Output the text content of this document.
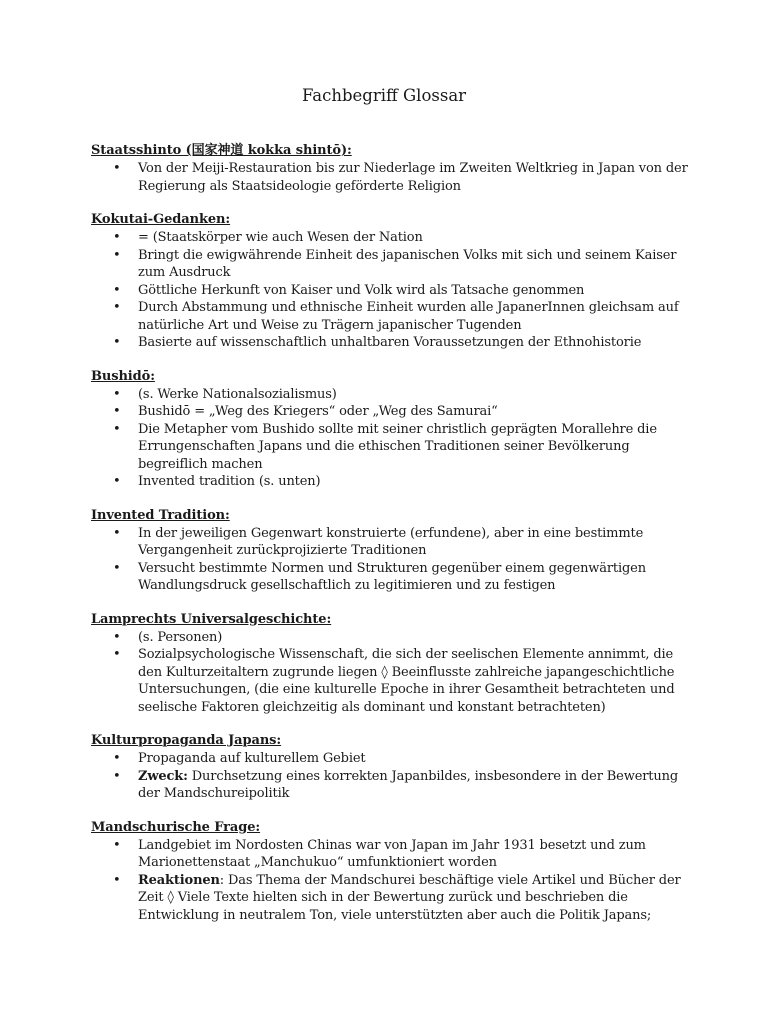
Fachbegriff Glossar

Staatsshinto (国家神道 kokka shintō):

• Von der Meiji-Restauration bis zur Niederlage im Zweiten Weltkrieg in Japan von der Regierung als Staatsideologie geförderte Religion

Kokutai-Gedanken:

• = (Staatskörper wie auch Wesen der Nation
• Bringt die ewigwährende Einheit des japanischen Volks mit sich und seinem Kaiser zum Ausdruck
• Göttliche Herkunft von Kaiser und Volk wird als Tatsache genommen
• Durch Abstammung und ethnische Einheit wurden alle JapanerInnen gleichsam auf natürliche Art und Weise zu Trägern japanischer Tugenden
• Basierte auf wissenschaftlich unhaltbaren Voraussetzungen der Ethnohistorie

Bushidō:

• (s. Werke Nationalsozialismus)
• Bushidō = „Weg des Kriegers“ oder „Weg des Samurai“
• Die Metapher vom Bushido sollte mit seiner christlich geprägten Morallehre die Errungenschaften Japans und die ethischen Traditionen seiner Bevölkerung begreiflich machen
• Invented tradition (s. unten)

Invented Tradition:

• In der jeweiligen Gegenwart konstruierte (erfundene), aber in eine bestimmte Vergangenheit zurückprojizierte Traditionen
• Versucht bestimmte Normen und Strukturen gegenüber einem gegenwärtigen Wandlungsdruck gesellschaftlich zu legitimieren und zu festigen

Lamprechts Universalgeschichte:

• (s. Personen)
• Sozialpsychologische Wissenschaft, die sich der seelischen Elemente annimmt, die den Kulturzeitaltern zugrunde liegen ◊ Beeinflusste zahlreiche japangeschichtliche Untersuchungen, (die eine kulturelle Epoche in ihrer Gesamtheit betrachteten und seelische Faktoren gleichzeitig als dominant und konstant betrachteten)

Kulturpropaganda Japans:

• Propaganda auf kulturellem Gebiet
• Zweck: Durchsetzung eines korrekten Japanbildes, insbesondere in der Bewertung der Mandschureipolitik

Mandschurische Frage:

• Landgebiet im Nordosten Chinas war von Japan im Jahr 1931 besetzt und zum Marionettenstaat „Manchukuo“ umfunktioniert worden
• Reaktionen: Das Thema der Mandschurei beschäftige viele Artikel und Bücher der Zeit ◊ Viele Texte hielten sich in der Bewertung zurück und beschrieben die Entwicklung in neutralem Ton, viele unterstützten aber auch die Politik Japans;
